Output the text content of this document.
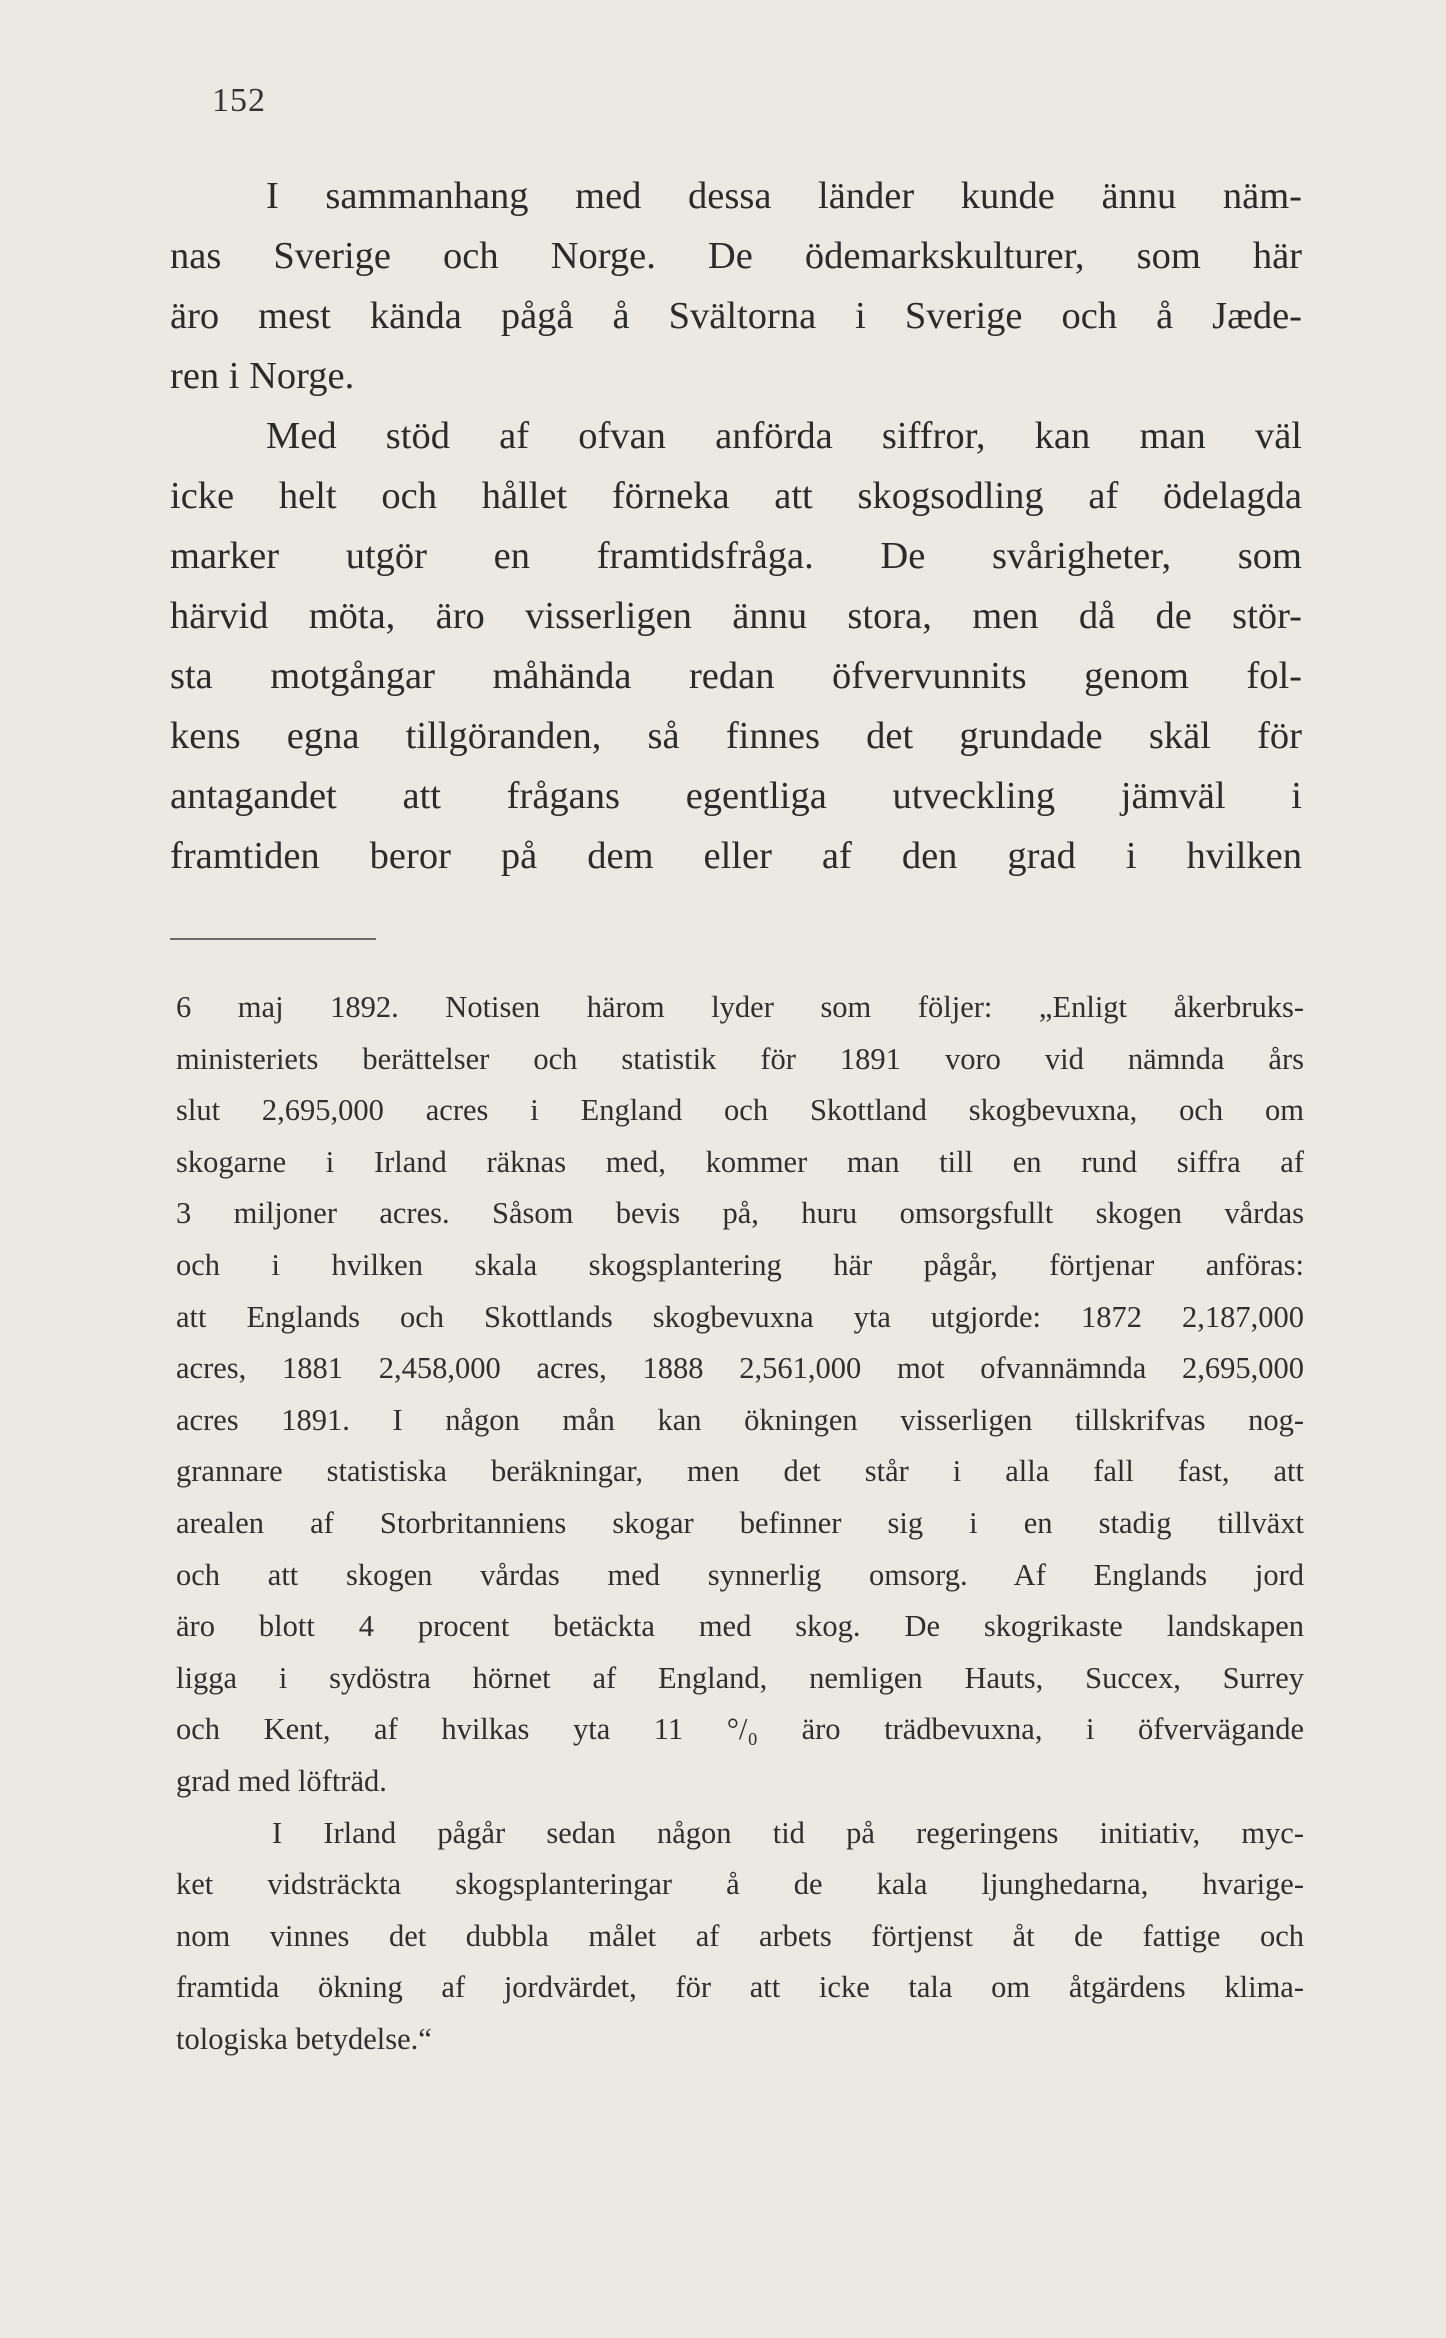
152
I sammanhang med dessa länder kunde ännu näm-
nas Sverige och Norge. De ödemarkskulturer, som här
äro mest kända pågå å Svältorna i Sverige och å Jæde-
ren i Norge.
Med stöd af ofvan anförda siffror, kan man väl
icke helt och hållet förneka att skogsodling af ödelagda
marker utgör en framtidsfråga. De svårigheter, som
härvid möta, äro visserligen ännu stora, men då de stör-
sta motgångar måhända redan öfvervunnits genom fol-
kens egna tillgöranden, så finnes det grundade skäl för
antagandet att frågans egentliga utveckling jämväl i
framtiden beror på dem eller af den grad i hvilken
6 maj 1892. Notisen härom lyder som följer: „Enligt åkerbruks-
ministeriets berättelser och statistik för 1891 voro vid nämnda års
slut 2,695,000 acres i England och Skottland skogbevuxna, och om
skogarne i Irland räknas med, kommer man till en rund siffra af
3 miljoner acres. Såsom bevis på, huru omsorgsfullt skogen vårdas
och i hvilken skala skogsplantering här pågår, förtjenar anföras:
att Englands och Skottlands skogbevuxna yta utgjorde: 1872 2,187,000
acres, 1881 2,458,000 acres, 1888 2,561,000 mot ofvannämnda 2,695,000
acres 1891. I någon mån kan ökningen visserligen tillskrifvas nog-
grannare statistiska beräkningar, men det står i alla fall fast, att
arealen af Storbritanniens skogar befinner sig i en stadig tillväxt
och att skogen vårdas med synnerlig omsorg. Af Englands jord
äro blott 4 procent betäckta med skog. De skogrikaste landskapen
ligga i sydöstra hörnet af England, nemligen Hauts, Succex, Surrey
och Kent, af hvilkas yta 11 °/₀ äro trädbevuxna, i öfvervägande
grad med löfträd.
I Irland pågår sedan någon tid på regeringens initiativ, myc-
ket vidsträckta skogsplanteringar å de kala ljunghedarna, hvarige-
nom vinnes det dubbla målet af arbets förtjenst åt de fattige och
framtida ökning af jordvärdet, för att icke tala om åtgärdens klima-
tologiska betydelse.“
